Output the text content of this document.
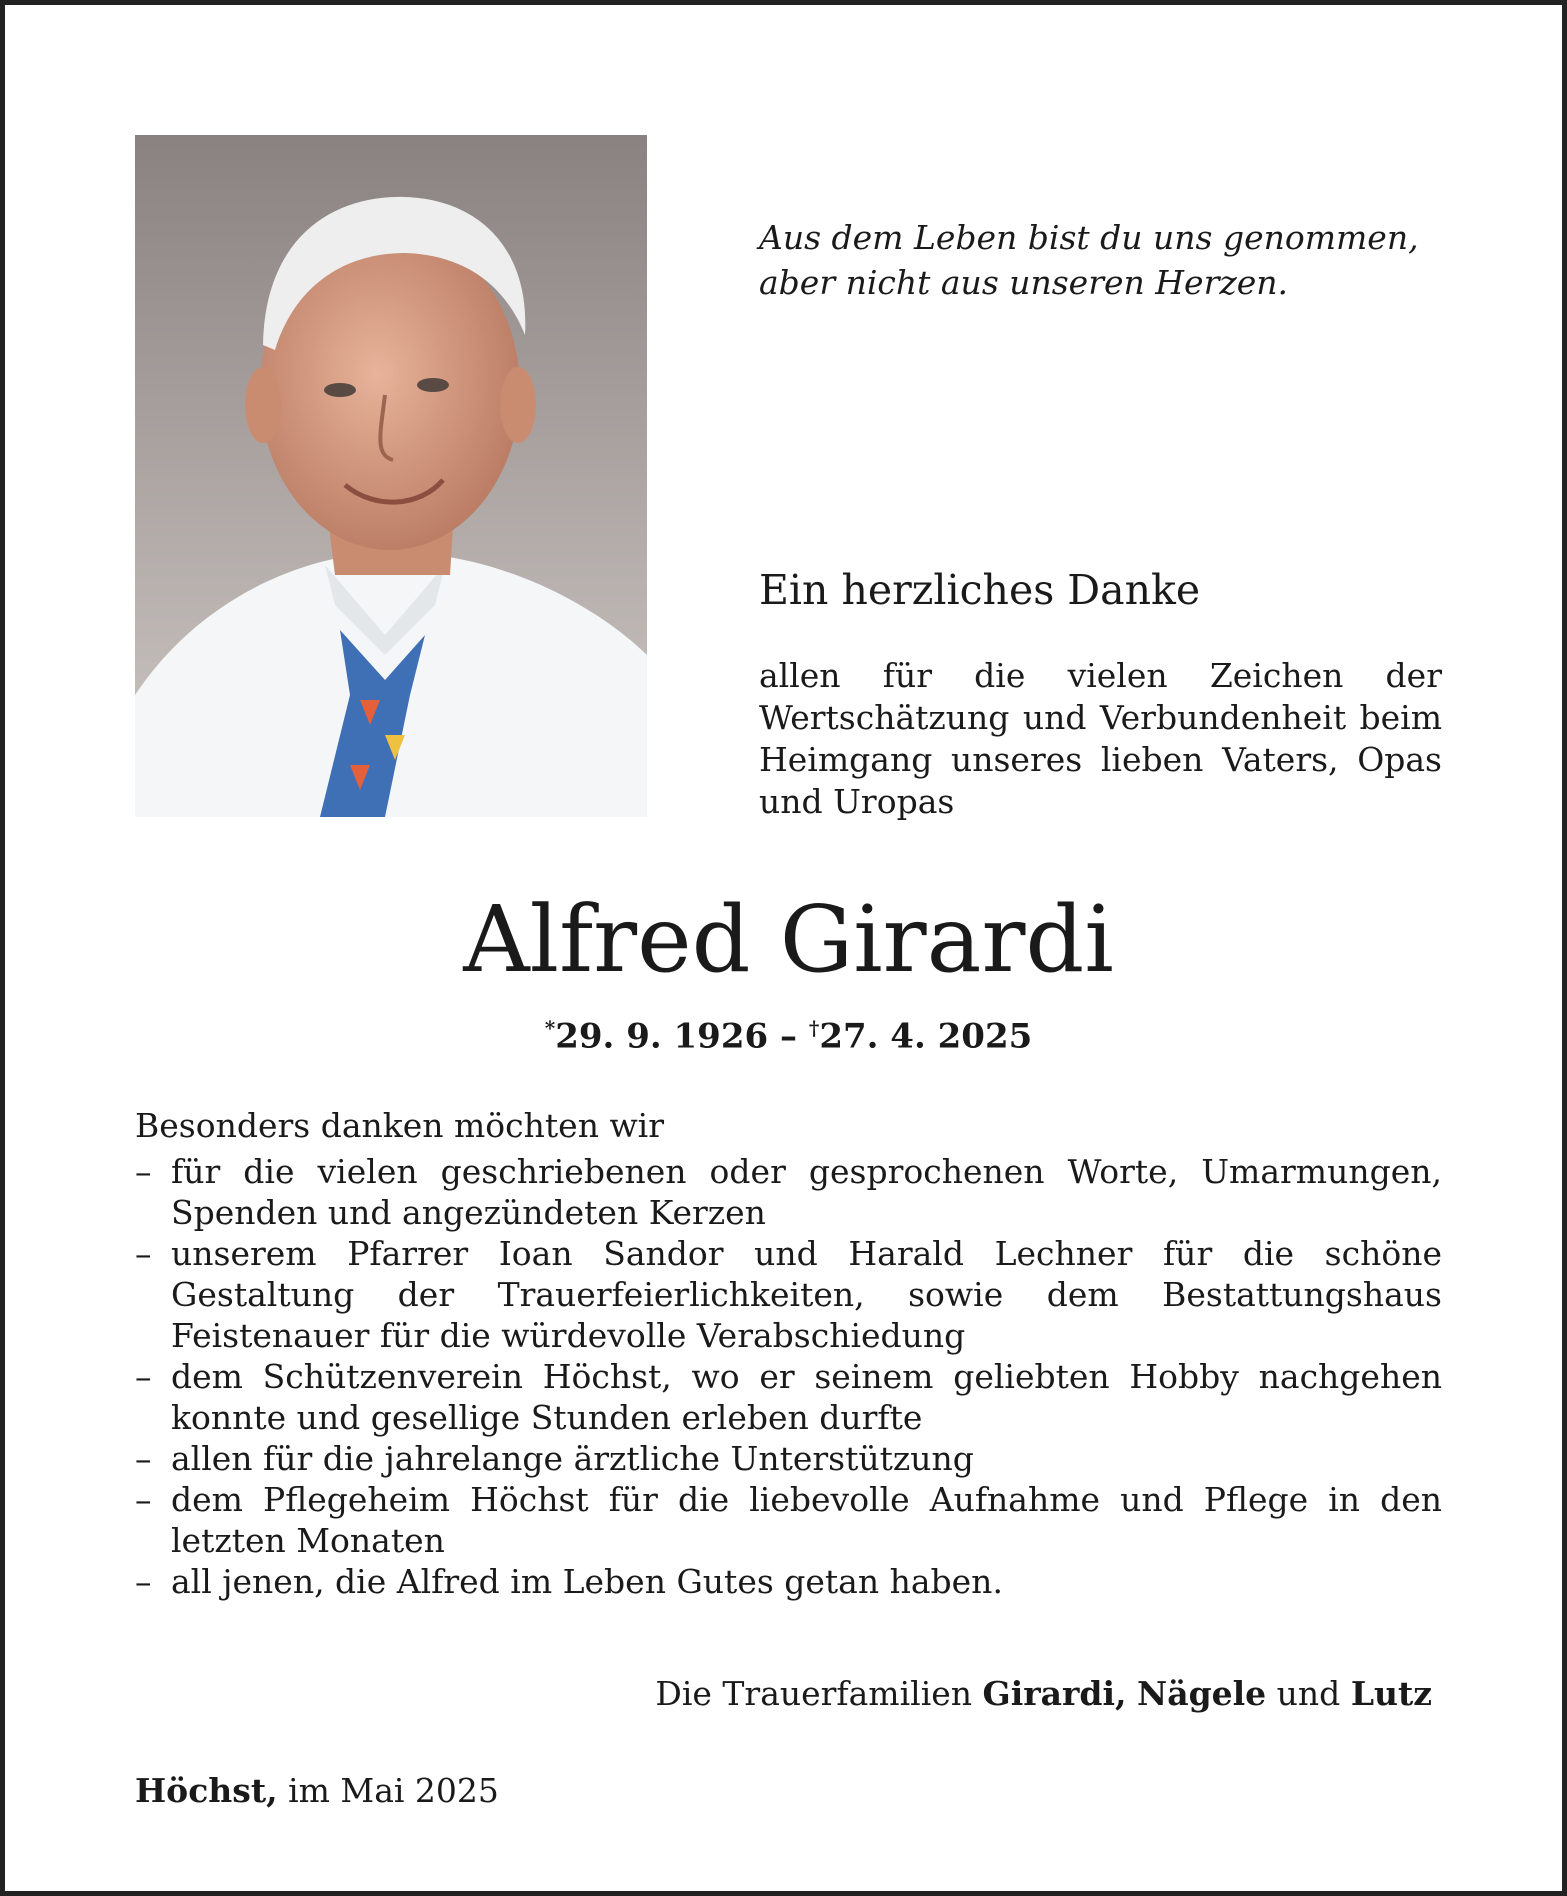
Aus dem Leben bist du uns genommen,
aber nicht aus unseren Herzen.
Ein herzliches Danke
allen für die vielen Zeichen der Wertschätzung und Verbundenheit beim Heimgang unseres lieben Vaters, Opas und Uropas
Alfred Girardi
*29. 9. 1926 – †27. 4. 2025
Besonders danken möchten wir
– für die vielen geschriebenen oder gesprochenen Worte, Umarmungen, Spenden und angezündeten Kerzen
– unserem Pfarrer Ioan Sandor und Harald Lechner für die schöne Gestaltung der Trauerfeierlichkeiten, sowie dem Bestattungshaus Feistenauer für die würdevolle Verabschiedung
– dem Schützenverein Höchst, wo er seinem geliebten Hobby nachgehen konnte und gesellige Stunden erleben durfte
– allen für die jahrelange ärztliche Unterstützung
– dem Pflegeheim Höchst für die liebevolle Aufnahme und Pflege in den letzten Monaten
– all jenen, die Alfred im Leben Gutes getan haben.
Die Trauerfamilien Girardi, Nägele und Lutz
Höchst, im Mai 2025
